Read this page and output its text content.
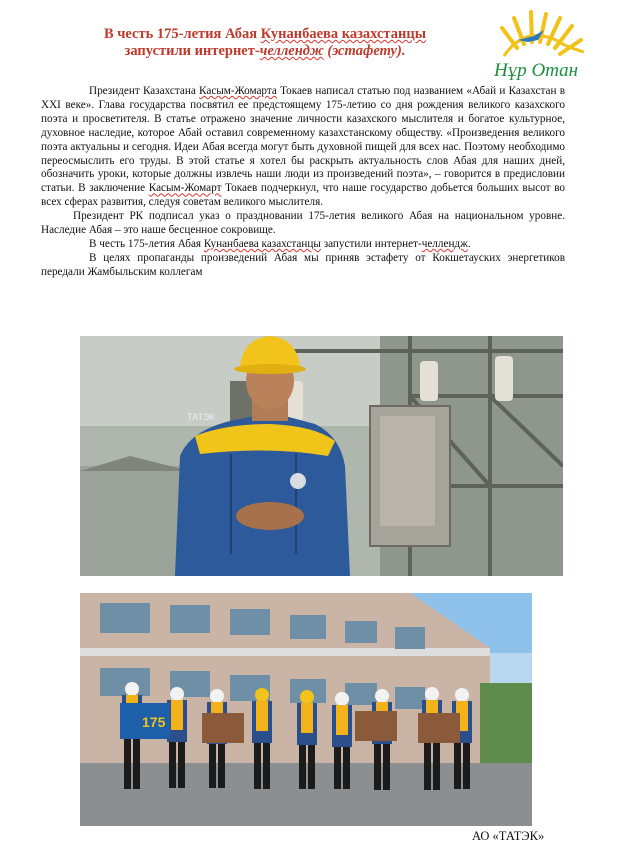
В честь 175-летия Абая Кунанбаева казахстанцы
запустили интернет-челлендж (эстафету).
Нұр Отан

Президент Казахстана Касым-Жомарта Токаев написал статью под названием «Абай и Казахстан в XXI веке». Глава государства посвятил ее предстоящему 175-летию со дня рождения великого казахского поэта и просветителя. В статье отражено значение личности казахского мыслителя и богатое культурное, духовное наследие, которое Абай оставил современному казахстанскому обществу. «Произведения великого поэта актуальны и сегодня. Идеи Абая всегда могут быть духовной пищей для всех нас. Поэтому необходимо переосмыслить его труды. В этой статье я хотел бы раскрыть актуальность слов Абая для наших дней, обозначить уроки, которые должны извлечь наши люди из произведений поэта», – говорится в предисловии статьи. В заключение Касым-Жомарт Токаев подчеркнул, что наше государство добьется больших высот во всех сферах развития, следуя советам великого мыслителя.

Президент РК подписал указ о праздновании 175-летия великого Абая на национальном уровне. Наследие Абая – это наше бесценное сокровище.

В честь 175-летия Абая Кунанбаева казахстанцы запустили интернет-челлендж.

В целях пропаганды произведений Абая мы приняв эстафету от Кокшетауских энергетиков передали Жамбыльским коллегам

ТАТЭК
175
АО «ТАТЭК»
